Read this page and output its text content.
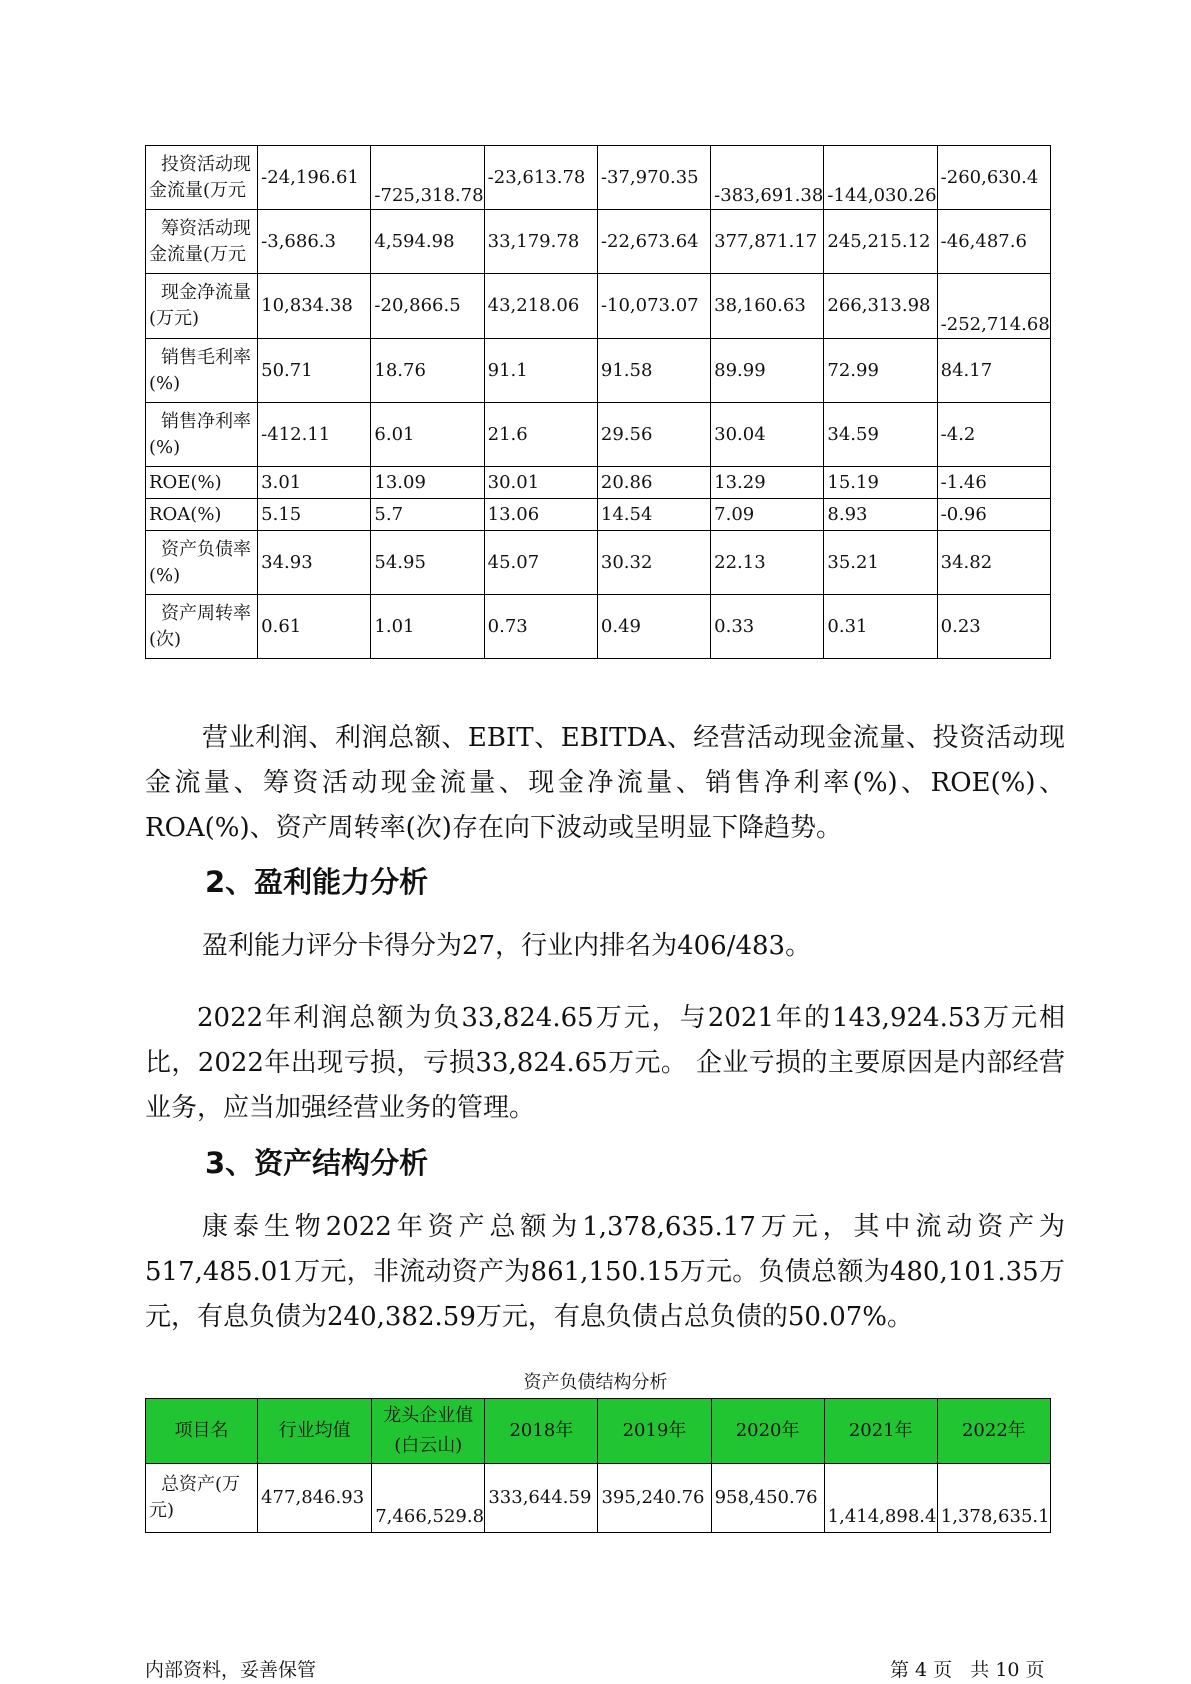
投资活动现
金流量(万元	-24,196.61	-725,318.78	-23,613.78	-37,970.35	-383,691.38	-144,030.26	-260,630.4

筹资活动现
金流量(万元	-3,686.3	4,594.98	33,179.78	-22,673.64	377,871.17	245,215.12	-46,487.6

现金净流量
(万元)	10,834.38	-20,866.5	43,218.06	-10,073.07	38,160.63	266,313.98	-252,714.68

销售毛利率
(%)	50.71	18.76	91.1	91.58	89.99	72.99	84.17

销售净利率
(%)	-412.11	6.01	21.6	29.56	30.04	34.59	-4.2
ROE(%)	3.01	13.09	30.01	20.86	13.29	15.19	-1.46
ROA(%)	5.15	5.7	13.06	14.54	7.09	8.93	-0.96

资产负债率
(%)	34.93	54.95	45.07	30.32	22.13	35.21	34.82

资产周转率
(次)	0.61	1.01	0.73	0.49	0.33	0.31	0.23

营业利润、利润总额、EBIT、EBITDA、经营活动现金流量、投资活动现金流量、筹资活动现金流量、现金净流量、销售净利率(%)、ROE(%)、ROA(%)、资产周转率(次)存在向下波动或呈明显下降趋势。

2、盈利能力分析

盈利能力评分卡得分为27，行业内排名为406/483。

2022年利润总额为负33,824.65万元，与2021年的143,924.53万元相比，2022年出现亏损，亏损33,824.65万元。 企业亏损的主要原因是内部经营业务，应当加强经营业务的管理。

3、资产结构分析

康泰生物2022年资产总额为1,378,635.17万元，其中流动资产为517,485.01万元，非流动资产为861,150.15万元。负债总额为480,101.35万元，有息负债为240,382.59万元，有息负债占总负债的50.07%。

资产负债结构分析
项目名	行业均值	龙头企业值
(白云山)	2018年	2019年	2020年	2021年	2022年

总资产(万
元)	477,846.93	7,466,529.8	333,644.59	395,240.76	958,450.76	1,414,898.4	1,378,635.1
内部资料，妥善保管	第 4 页   共 10 页
